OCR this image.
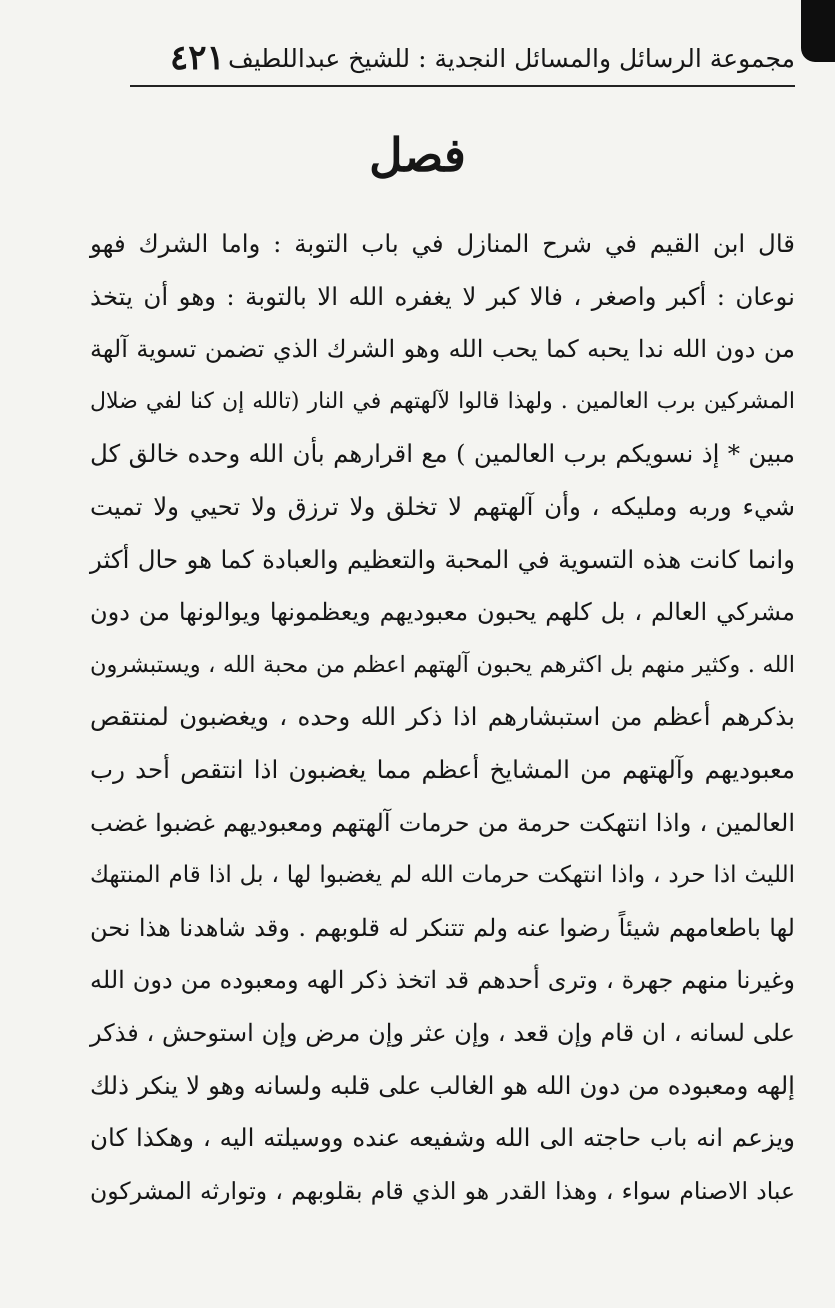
مجموعة الرسائل والمسائل النجدية : للشيخ عبداللطيف
٤٢١
فصل
قال ابن القيم في شرح المنازل في باب التوبة : واما الشرك فهو
نوعان : أكبر واصغر ، فالا كبر لا يغفره الله الا بالتوبة : وهو أن يتخذ
من دون الله ندا يحبه كما يحب الله وهو الشرك الذي تضمن تسوية آلهة
المشركين برب العالمين . ولهذا قالوا لآلهتهم في النار (تالله إن كنا لفي ضلال
مبين * إذ نسويكم برب العالمين ) مع اقرارهم بأن الله وحده خالق كل
شيء وربه ومليكه ، وأن آلهتهم لا تخلق ولا ترزق ولا تحيي ولا تميت
وانما كانت هذه التسوية في المحبة والتعظيم والعبادة كما هو حال أكثر
مشركي العالم ، بل كلهم يحبون معبوديهم ويعظمونها ويوالونها من دون
الله . وكثير منهم بل اكثرهم يحبون آلهتهم اعظم من محبة الله ، ويستبشرون
بذكرهم أعظم من استبشارهم اذا ذكر الله وحده ، ويغضبون لمنتقص
معبوديهم وآلهتهم من المشايخ أعظم مما يغضبون اذا انتقص أحد رب
العالمين ، واذا انتهكت حرمة من حرمات آلهتهم ومعبوديهم غضبوا غضب
الليث اذا حرد ، واذا انتهكت حرمات الله لم يغضبوا لها ، بل اذا قام المنتهك
لها باطعامهم شيئاً رضوا عنه ولم تتنكر له قلوبهم . وقد شاهدنا هذا نحن
وغيرنا منهم جهرة ، وترى أحدهم قد اتخذ ذكر الهه ومعبوده من دون الله
على لسانه ، ان قام وإن قعد ، وإن عثر وإن مرض وإن استوحش ، فذكر
إلهه ومعبوده من دون الله هو الغالب على قلبه ولسانه وهو لا ينكر ذلك
ويزعم انه باب حاجته الى الله وشفيعه عنده ووسيلته اليه ، وهكذا كان
عباد الاصنام سواء ، وهذا القدر هو الذي قام بقلوبهم ، وتوارثه المشركون
